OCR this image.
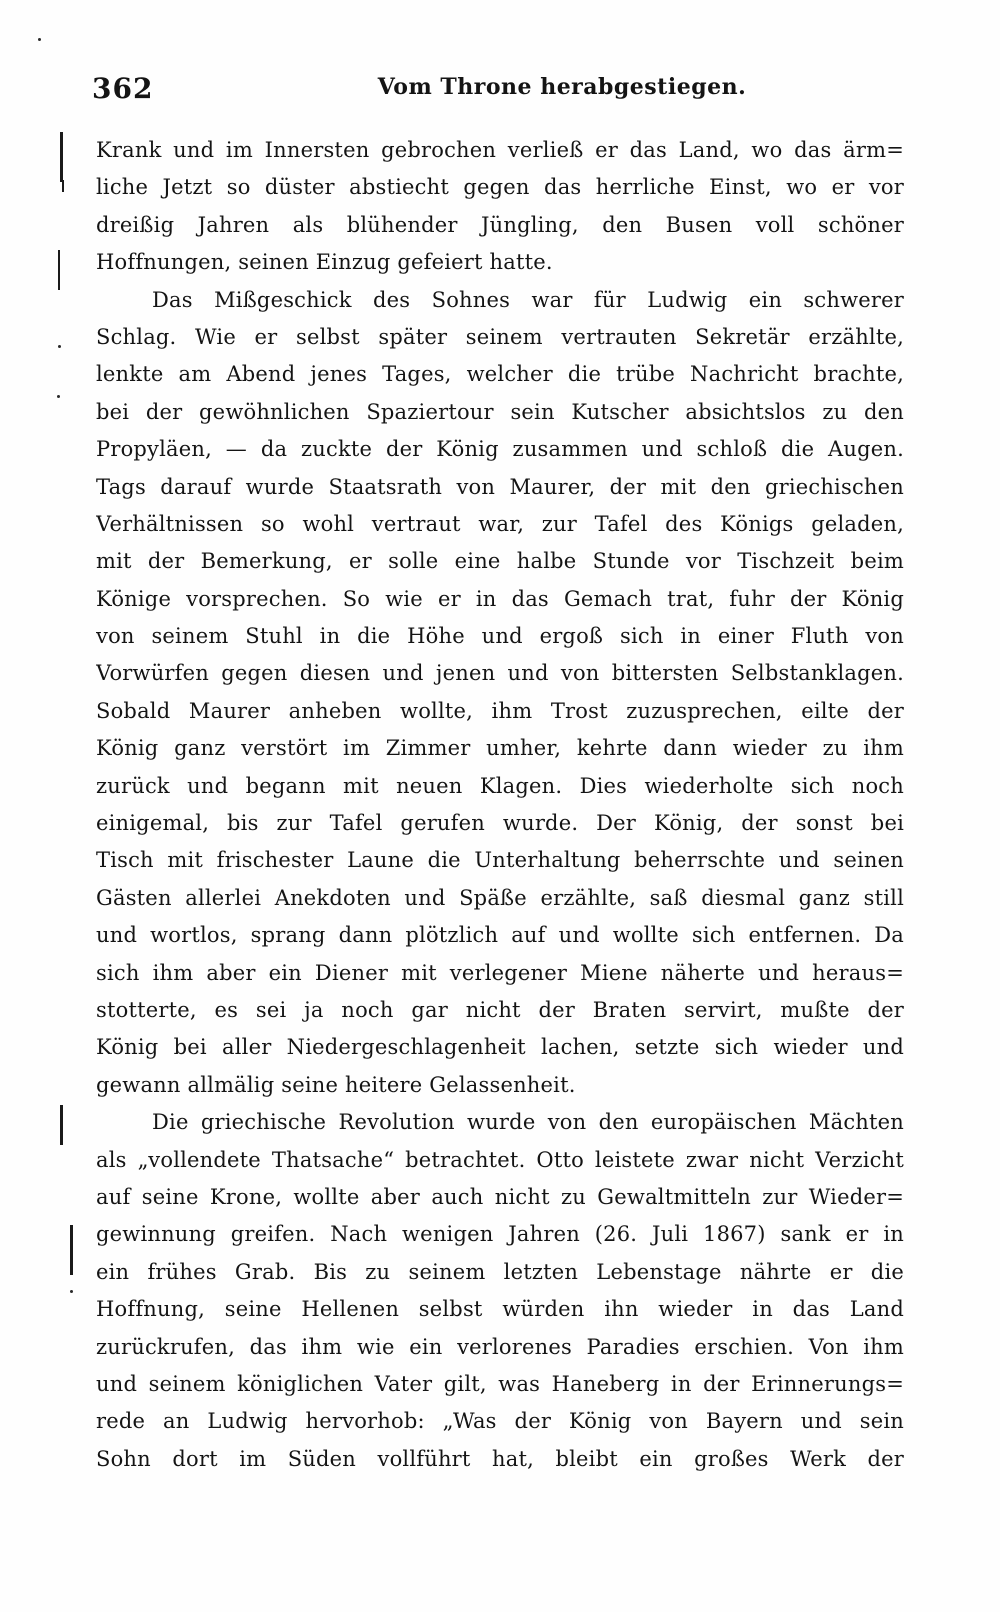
362	Vom Throne herabgestiegen.
Krank und im Innersten gebrochen verließ er das Land, wo das ärm=
liche Jetzt so düster abstiecht gegen das herrliche Einst, wo er vor
dreißig Jahren als blühender Jüngling, den Busen voll schöner
Hoffnungen, seinen Einzug gefeiert hatte.
Das Mißgeschick des Sohnes war für Ludwig ein schwerer
Schlag. Wie er selbst später seinem vertrauten Sekretär erzählte,
lenkte am Abend jenes Tages, welcher die trübe Nachricht brachte,
bei der gewöhnlichen Spaziertour sein Kutscher absichtslos zu den
Propyläen, — da zuckte der König zusammen und schloß die Augen.
Tags darauf wurde Staatsrath von Maurer, der mit den griechischen
Verhältnissen so wohl vertraut war, zur Tafel des Königs geladen,
mit der Bemerkung, er solle eine halbe Stunde vor Tischzeit beim
Könige vorsprechen. So wie er in das Gemach trat, fuhr der König
von seinem Stuhl in die Höhe und ergoß sich in einer Fluth von
Vorwürfen gegen diesen und jenen und von bittersten Selbstanklagen.
Sobald Maurer anheben wollte, ihm Trost zuzusprechen, eilte der
König ganz verstört im Zimmer umher, kehrte dann wieder zu ihm
zurück und begann mit neuen Klagen. Dies wiederholte sich noch
einigemal, bis zur Tafel gerufen wurde. Der König, der sonst bei
Tisch mit frischester Laune die Unterhaltung beherrschte und seinen
Gästen allerlei Anekdoten und Späße erzählte, saß diesmal ganz still
und wortlos, sprang dann plötzlich auf und wollte sich entfernen. Da
sich ihm aber ein Diener mit verlegener Miene näherte und heraus=
stotterte, es sei ja noch gar nicht der Braten servirt, mußte der
König bei aller Niedergeschlagenheit lachen, setzte sich wieder und
gewann allmälig seine heitere Gelassenheit.
Die griechische Revolution wurde von den europäischen Mächten
als „vollendete Thatsache“ betrachtet. Otto leistete zwar nicht Verzicht
auf seine Krone, wollte aber auch nicht zu Gewaltmitteln zur Wieder=
gewinnung greifen. Nach wenigen Jahren (26. Juli 1867) sank er in
ein frühes Grab. Bis zu seinem letzten Lebenstage nährte er die
Hoffnung, seine Hellenen selbst würden ihn wieder in das Land
zurückrufen, das ihm wie ein verlorenes Paradies erschien. Von ihm
und seinem königlichen Vater gilt, was Haneberg in der Erinnerungs=
rede an Ludwig hervorhob: „Was der König von Bayern und sein
Sohn dort im Süden vollführt hat, bleibt ein großes Werk der
